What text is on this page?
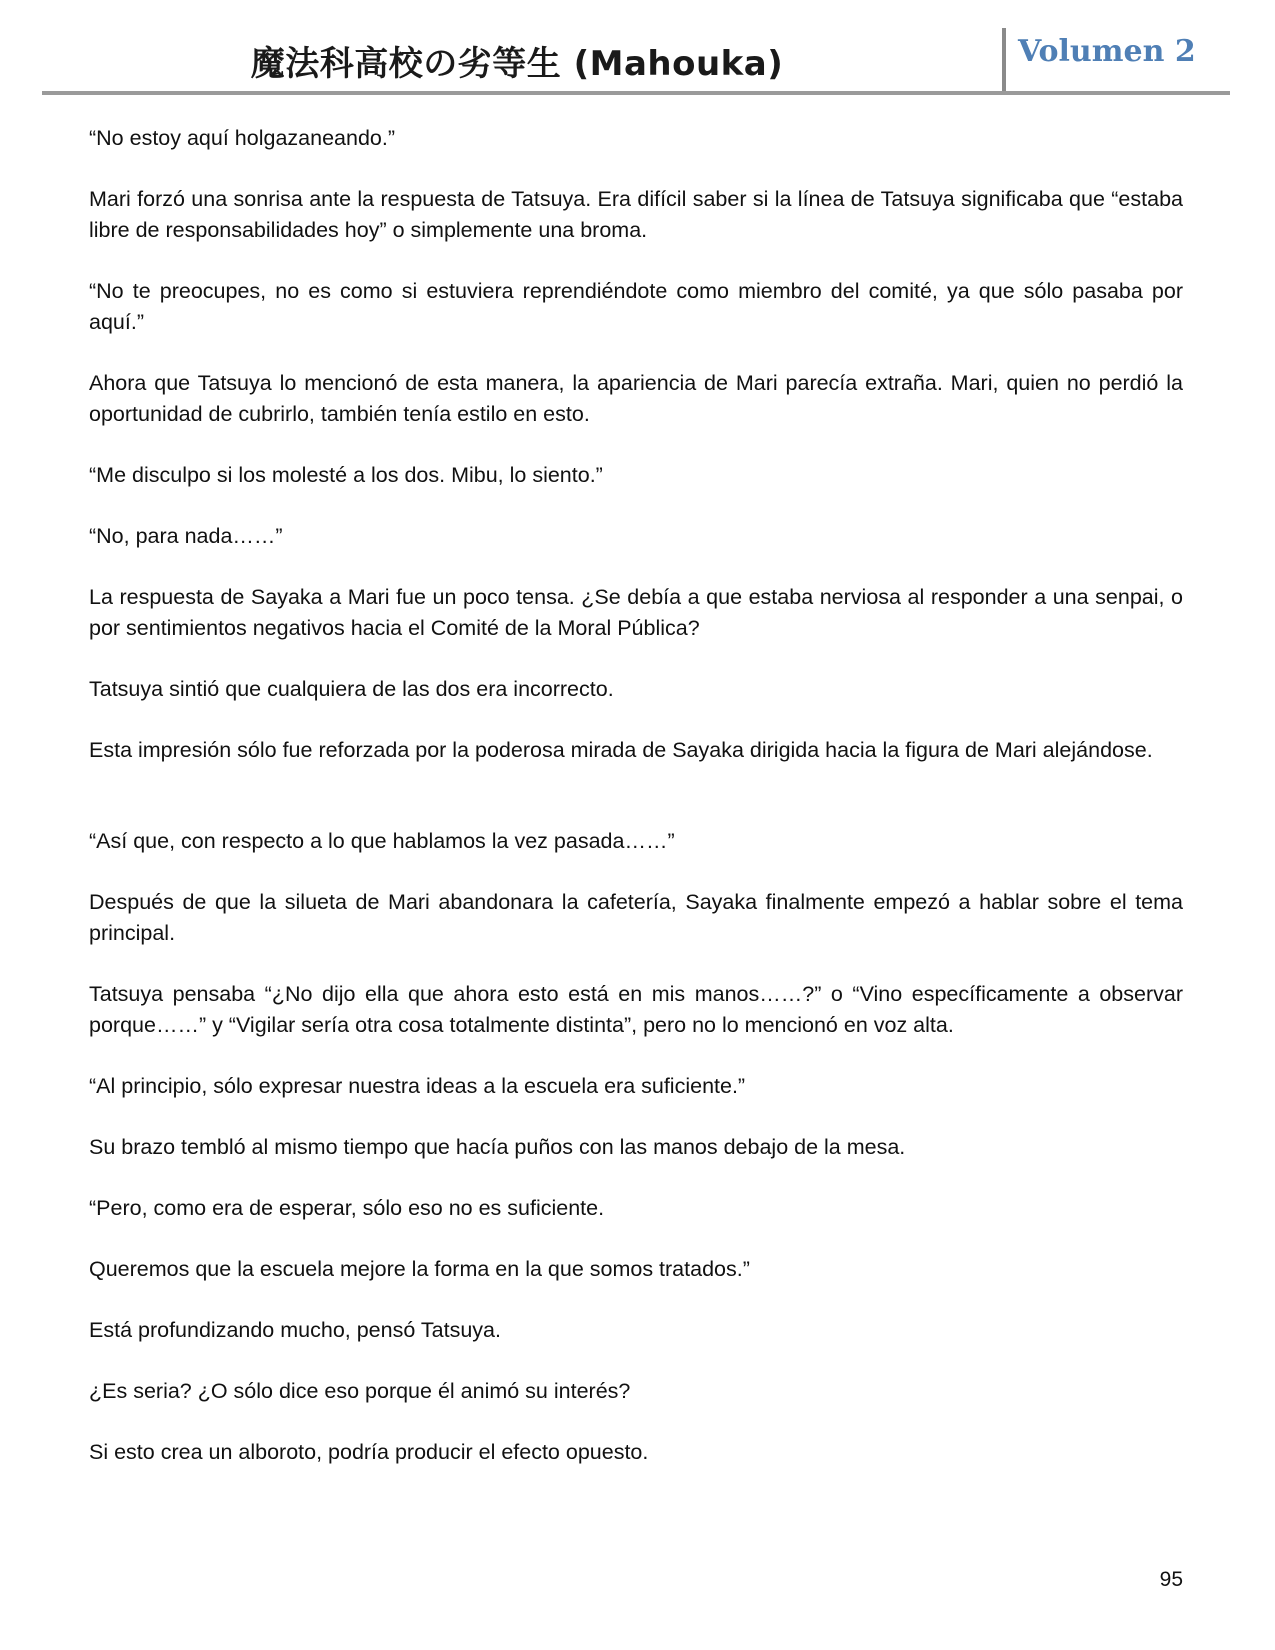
魔法科高校の劣等生 (Mahouka)	Volumen 2

“No estoy aquí holgazaneando.”

Mari forzó una sonrisa ante la respuesta de Tatsuya. Era difícil saber si la línea de Tatsuya significaba que “estaba libre de responsabilidades hoy” o simplemente una broma.

“No te preocupes, no es como si estuviera reprendiéndote como miembro del comité, ya que sólo pasaba por aquí.”

Ahora que Tatsuya lo mencionó de esta manera, la apariencia de Mari parecía extraña. Mari, quien no perdió la oportunidad de cubrirlo, también tenía estilo en esto.

“Me disculpo si los molesté a los dos. Mibu, lo siento.”

“No, para nada……”

La respuesta de Sayaka a Mari fue un poco tensa. ¿Se debía a que estaba nerviosa al responder a una senpai, o por sentimientos negativos hacia el Comité de la Moral Pública?

Tatsuya sintió que cualquiera de las dos era incorrecto.

Esta impresión sólo fue reforzada por la poderosa mirada de Sayaka dirigida hacia la figura de Mari alejándose.

“Así que, con respecto a lo que hablamos la vez pasada……”

Después de que la silueta de Mari abandonara la cafetería, Sayaka finalmente empezó a hablar sobre el tema principal.

Tatsuya pensaba “¿No dijo ella que ahora esto está en mis manos……?” o “Vino específicamente a observar porque……” y “Vigilar sería otra cosa totalmente distinta”, pero no lo mencionó en voz alta.

“Al principio, sólo expresar nuestra ideas a la escuela era suficiente.”

Su brazo tembló al mismo tiempo que hacía puños con las manos debajo de la mesa.

“Pero, como era de esperar, sólo eso no es suficiente.

Queremos que la escuela mejore la forma en la que somos tratados.”

Está profundizando mucho, pensó Tatsuya.

¿Es seria? ¿O sólo dice eso porque él animó su interés?

Si esto crea un alboroto, podría producir el efecto opuesto.

95
